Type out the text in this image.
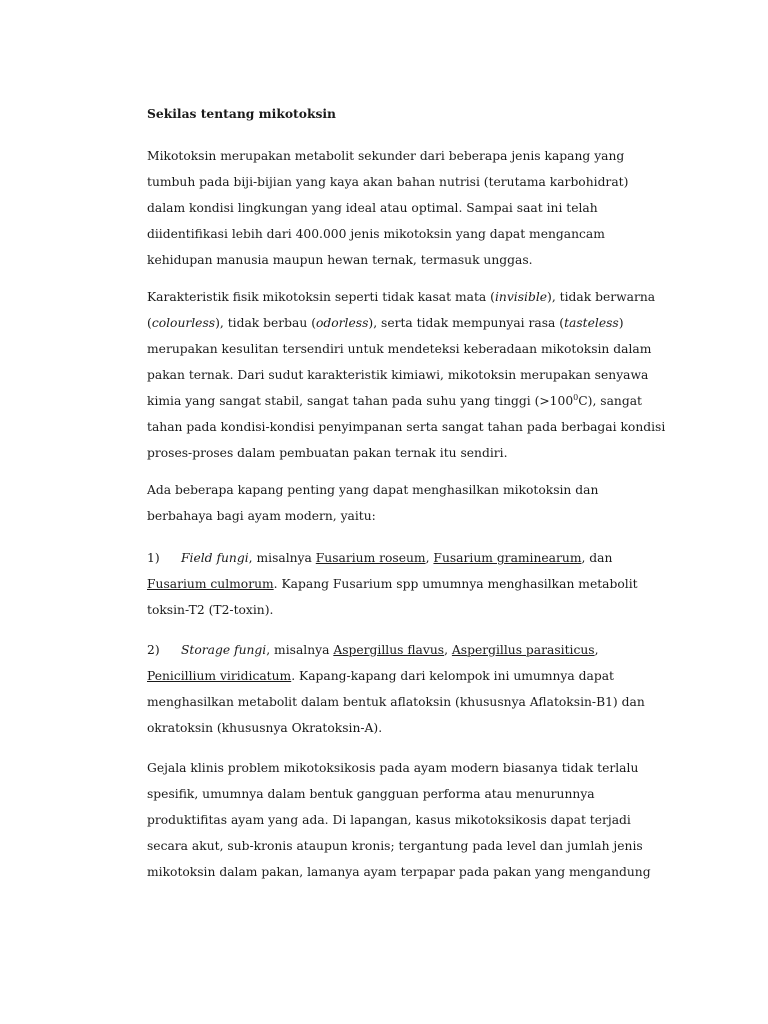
Sekilas tentang mikotoksin
Mikotoksin merupakan metabolit sekunder dari beberapa jenis kapang yang
tumbuh pada biji-bijian yang kaya akan bahan nutrisi (terutama karbohidrat)
dalam kondisi lingkungan yang ideal atau optimal. Sampai saat ini telah
diidentifikasi lebih dari 400.000 jenis mikotoksin yang dapat mengancam
kehidupan manusia maupun hewan ternak, termasuk unggas.
Karakteristik fisik mikotoksin seperti tidak kasat mata (invisible), tidak berwarna
(colourless), tidak berbau (odorless), serta tidak mempunyai rasa (tasteless)
merupakan kesulitan tersendiri untuk mendeteksi keberadaan mikotoksin dalam
pakan ternak. Dari sudut karakteristik kimiawi, mikotoksin merupakan senyawa
kimia yang sangat stabil, sangat tahan pada suhu yang tinggi $(>100^0C)$, sangat
tahan pada kondisi-kondisi penyimpanan serta sangat tahan pada berbagai kondisi
proses-proses dalam pembuatan pakan ternak itu sendiri.
Ada beberapa kapang penting yang dapat menghasilkan mikotoksin dan
berbahaya bagi ayam modern, yaitu:
1) Field fungi, misalnya Fusarium roseum, Fusarium graminearum, dan
Fusarium culmorum. Kapang Fusarium spp umumnya menghasilkan metabolit
toksin-T2 (T2-toxin).
2) Storage fungi, misalnya Aspergillus flavus, Aspergillus parasiticus,
Penicillium viridicatum. Kapang-kapang dari kelompok ini umumnya dapat
menghasilkan metabolit dalam bentuk aflatoksin (khususnya Aflatoksin-B1) dan
okratoksin (khususnya Okratoksin-A).
Gejala klinis problem mikotoksikosis pada ayam modern biasanya tidak terlalu
spesifik, umumnya dalam bentuk gangguan performa atau menurunnya
produktifitas ayam yang ada. Di lapangan, kasus mikotoksikosis dapat terjadi
secara akut, sub-kronis ataupun kronis; tergantung pada level dan jumlah jenis
mikotoksin dalam pakan, lamanya ayam terpapar pada pakan yang mengandung
